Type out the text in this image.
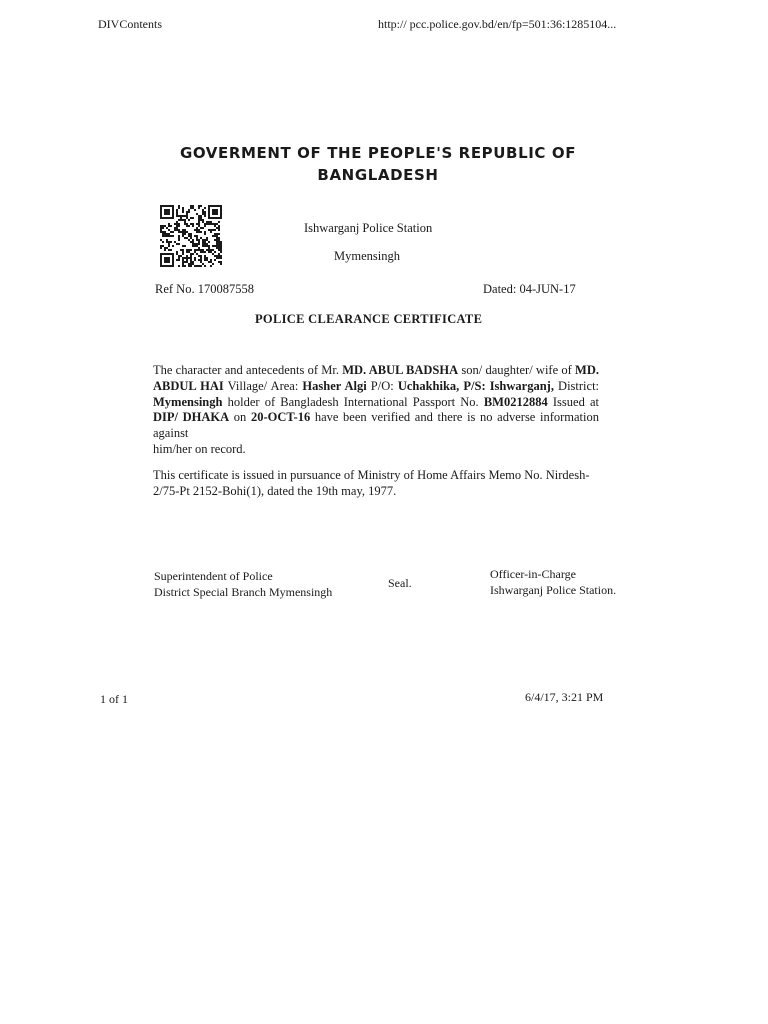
DIVContents	http:// pcc.police.gov.bd/en/fp=501:36:1285104...
GOVERMENT OF THE PEOPLE'S REPUBLIC OF BANGLADESH
Ishwarganj Police Station
Mymensingh
Ref No. 170087558	Dated: 04-JUN-17
POLICE CLEARANCE CERTIFICATE
The character and antecedents of Mr. MD. ABUL BADSHA son/ daughter/ wife of MD. ABDUL HAI Village/ Area: Hasher Algi P/O: Uchakhika, P/S: Ishwarganj, District: Mymensingh holder of Bangladesh International Passport No. BM0212884 Issued at DIP/ DHAKA on 20-OCT-16 have been verified and there is no adverse information against
him/her on record.
This certificate is issued in pursuance of Ministry of Home Affairs Memo No. Nirdesh-2/75-Pt 2152-Bohi(1), dated the 19th may, 1977.
Superintendent of Police
District Special Branch Mymensingh
Seal.
Officer-in-Charge
Ishwarganj Police Station.
1 of 1	6/4/17, 3:21 PM
